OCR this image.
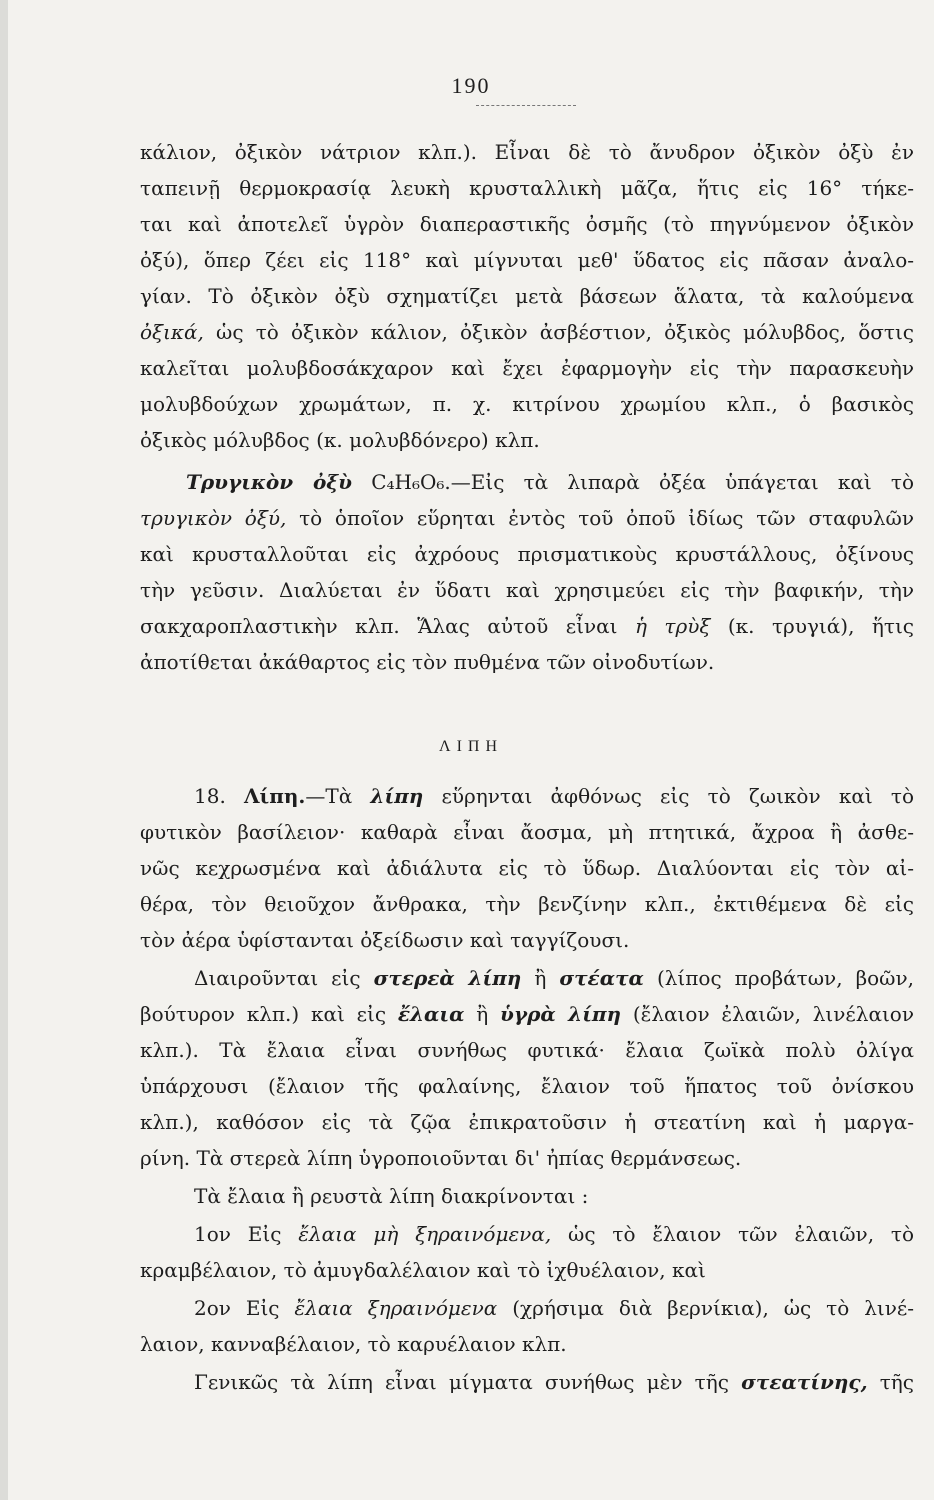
190
κάλιον, ὀξικὸν νάτριον κλπ.). Εἶναι δὲ τὸ ἄνυδρον ὀξικὸν ὀξὺ ἐν
ταπεινῇ θερμοκρασίᾳ λευκὴ κρυσταλλικὴ μᾶζα, ἥτις εἰς 16° τήκε-
ται καὶ ἀποτελεῖ ὑγρὸν διαπεραστικῆς ὀσμῆς (τὸ πηγνύμενον ὀξικὸν
ὀξύ), ὅπερ ζέει εἰς 118° καὶ μίγνυται μεθ' ὕδατος εἰς πᾶσαν ἀναλο-
γίαν. Τὸ ὀξικὸν ὀξὺ σχηματίζει μετὰ βάσεων ἅλατα, τὰ καλούμενα
ὀξικά, ὡς τὸ ὀξικὸν κάλιον, ὀξικὸν ἀσβέστιον, ὀξικὸς μόλυβδος, ὅστις
καλεῖται μολυβδοσάκχαρον καὶ ἔχει ἐφαρμογὴν εἰς τὴν παρασκευὴν
μολυβδούχων χρωμάτων, π. χ. κιτρίνου χρωμίου κλπ., ὁ βασικὸς
ὀξικὸς μόλυβδος (κ. μολυβδόνερο) κλπ.
Τρυγικὸν ὀξὺ C₄H₆O₆.—Εἰς τὰ λιπαρὰ ὀξέα ὑπάγεται καὶ τὸ
τρυγικὸν ὀξύ, τὸ ὁποῖον εὕρηται ἐντὸς τοῦ ὀποῦ ἰδίως τῶν σταφυλῶν
καὶ κρυσταλλοῦται εἰς ἀχρόους πρισματικοὺς κρυστάλλους, ὀξίνους
τὴν γεῦσιν. Διαλύεται ἐν ὕδατι καὶ χρησιμεύει εἰς τὴν βαφικήν, τὴν
σακχαροπλαστικὴν κλπ. Ἅλας αὐτοῦ εἶναι ἡ τρὺξ (κ. τρυγιά), ἥτις
ἀποτίθεται ἀκάθαρτος εἰς τὸν πυθμένα τῶν οἰνοδυτίων.
ΛΙΠΗ
18. Λίπη.—Τὰ λίπη εὕρηνται ἀφθόνως εἰς τὸ ζωικὸν καὶ τὸ
φυτικὸν βασίλειον· καθαρὰ εἶναι ἄοσμα, μὴ πτητικά, ἄχροα ἢ ἀσθε-
νῶς κεχρωσμένα καὶ ἀδιάλυτα εἰς τὸ ὕδωρ. Διαλύονται εἰς τὸν αἰ-
θέρα, τὸν θειοῦχον ἄνθρακα, τὴν βενζίνην κλπ., ἐκτιθέμενα δὲ εἰς
τὸν ἀέρα ὑφίστανται ὀξείδωσιν καὶ ταγγίζουσι.
Διαιροῦνται εἰς στερεὰ λίπη ἢ στέατα (λίπος προβάτων, βοῶν,
βούτυρον κλπ.) καὶ εἰς ἔλαια ἢ ὑγρὰ λίπη (ἔλαιον ἐλαιῶν, λινέλαιον
κλπ.). Τὰ ἔλαια εἶναι συνήθως φυτικά· ἔλαια ζωϊκὰ πολὺ ὀλίγα
ὑπάρχουσι (ἔλαιον τῆς φαλαίνης, ἔλαιον τοῦ ἥπατος τοῦ ὀνίσκου
κλπ.), καθόσον εἰς τὰ ζῷα ἐπικρατοῦσιν ἡ στεατίνη καὶ ἡ μαργα-
ρίνη. Τὰ στερεὰ λίπη ὑγροποιοῦνται δι' ἠπίας θερμάνσεως.
Τὰ ἔλαια ἢ ρευστὰ λίπη διακρίνονται :
1ον Εἰς ἔλαια μὴ ξηραινόμενα, ὡς τὸ ἔλαιον τῶν ἐλαιῶν, τὸ
κραμβέλαιον, τὸ ἀμυγδαλέλαιον καὶ τὸ ἰχθυέλαιον, καὶ
2ον Εἰς ἔλαια ξηραινόμενα (χρήσιμα διὰ βερνίκια), ὡς τὸ λινέ-
λαιον, κανναβέλαιον, τὸ καρυέλαιον κλπ.
Γενικῶς τὰ λίπη εἶναι μίγματα συνήθως μὲν τῆς στεατίνης, τῆς
